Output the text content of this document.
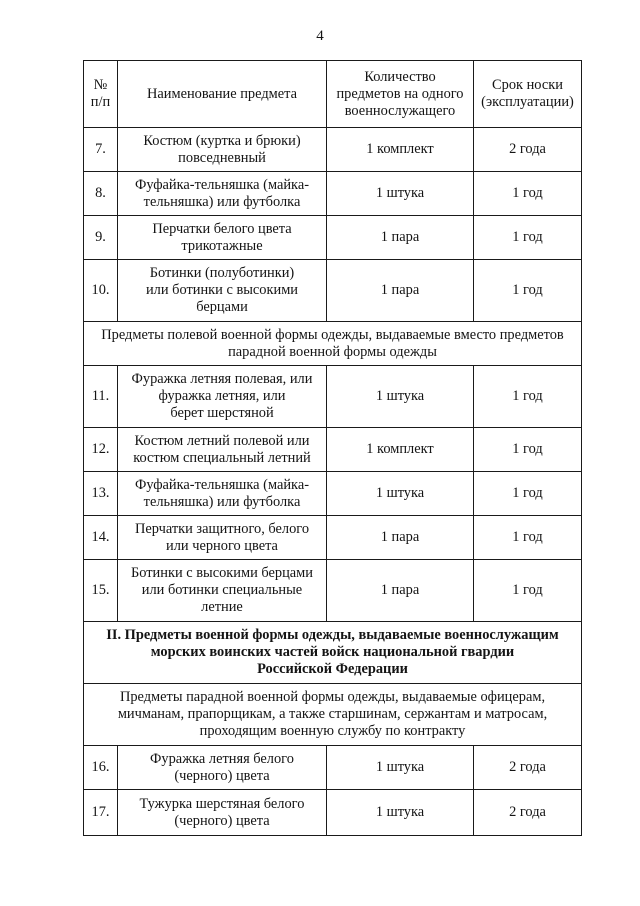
4
№
п/п	Наименование предмета	Количество
предметов на одного
военнослужащего	Срок носки
(эксплуатации)
7.	Костюм (куртка и брюки)
повседневный	1 комплект	2 года
8.	Фуфайка-тельняшка (майка-
тельняшка) или футболка	1 штука	1 год
9.	Перчатки белого цвета
трикотажные	1 пара	1 год
10.	Ботинки (полуботинки)
или ботинки с высокими
берцами	1 пара	1 год
Предметы полевой военной формы одежды, выдаваемые вместо предметов
парадной военной формы одежды			
11.	Фуражка летняя полевая, или
фуражка летняя, или
берет шерстяной	1 штука	1 год
12.	Костюм летний полевой или
костюм специальный летний	1 комплект	1 год
13.	Фуфайка-тельняшка (майка-
тельняшка) или футболка	1 штука	1 год
14.	Перчатки защитного, белого
или черного цвета	1 пара	1 год
15.	Ботинки с высокими берцами
или ботинки специальные
летние	1 пара	1 год
II. Предметы военной формы одежды, выдаваемые военнослужащим
морских воинских частей войск национальной гвардии
Российской Федерации			
Предметы парадной военной формы одежды, выдаваемые офицерам,
мичманам, прапорщикам, а также старшинам, сержантам и матросам,
проходящим военную службу по контракту			
16.	Фуражка летняя белого
(черного) цвета	1 штука	2 года
17.	Тужурка шерстяная белого
(черного) цвета	1 штука	2 года
